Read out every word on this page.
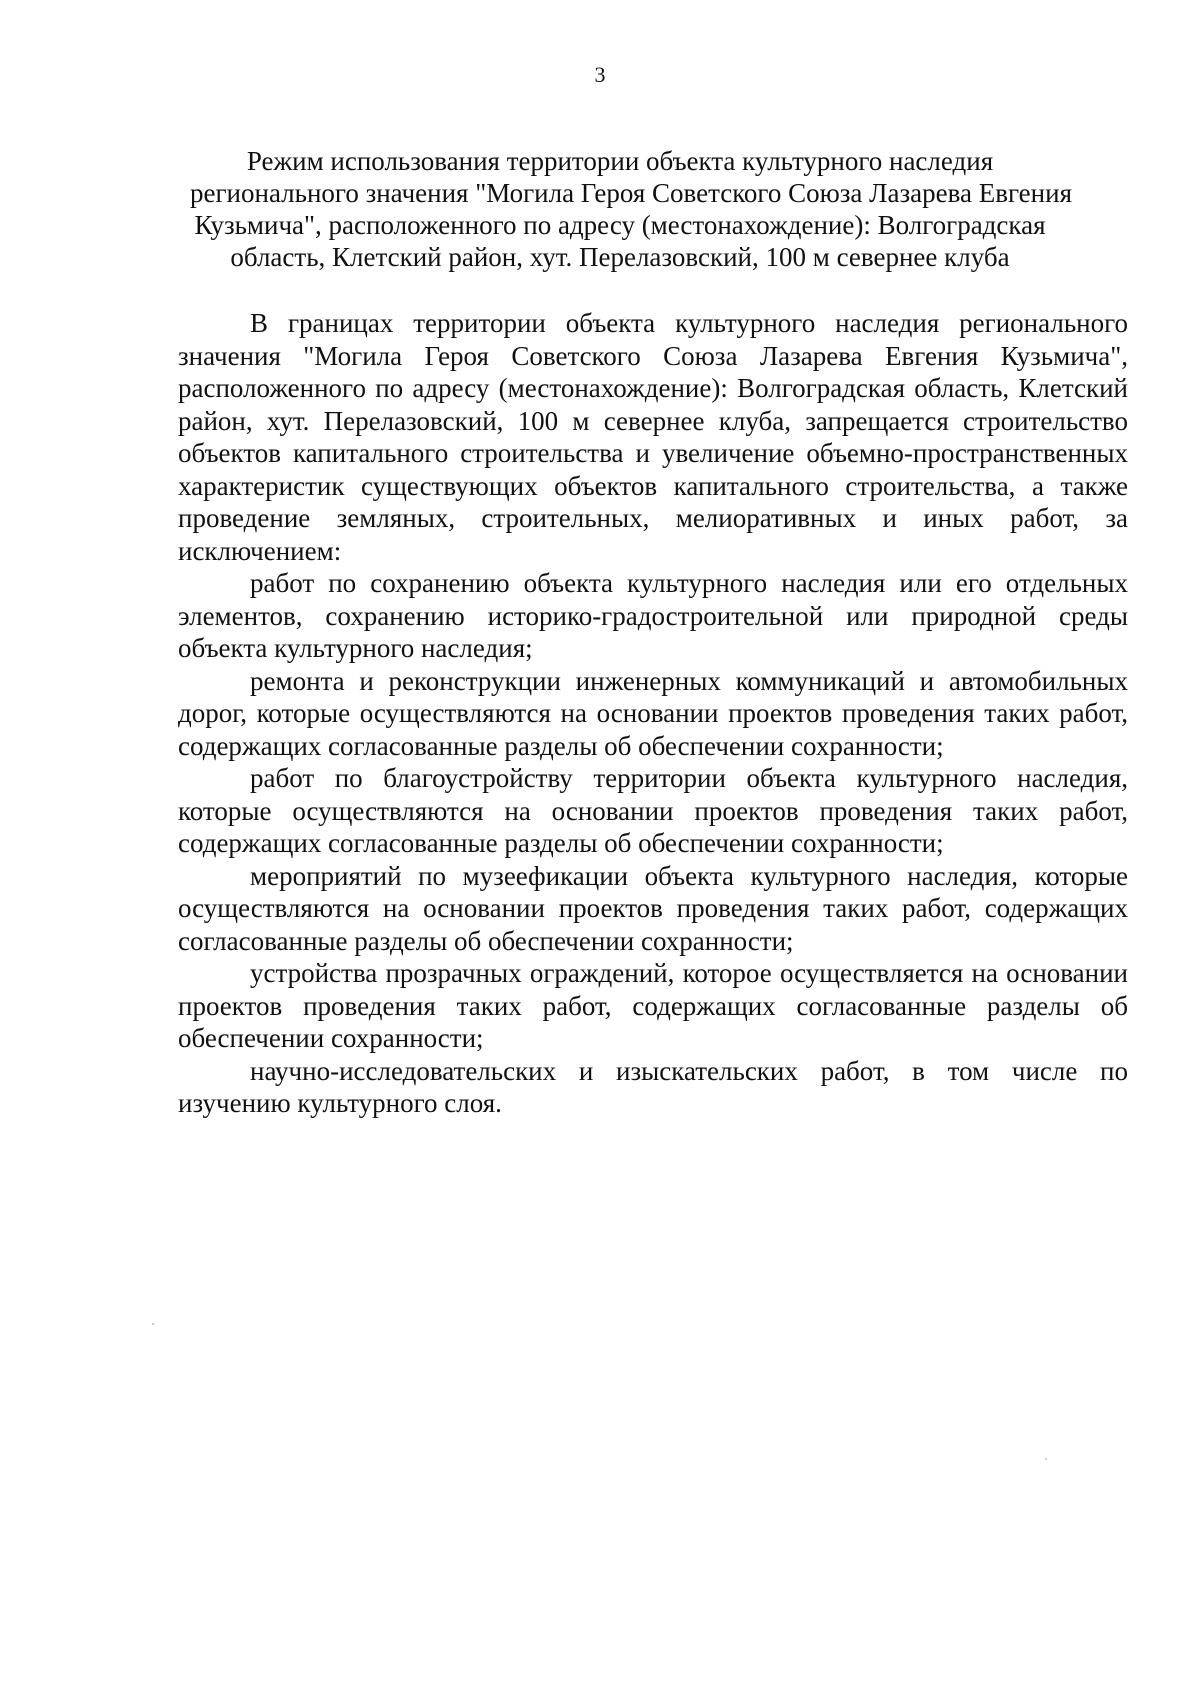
3
Режим использования территории объекта культурного наследия
регионального значения "Могила Героя Советского Союза Лазарева Евгения
Кузьмича", расположенного по адресу (местонахождение): Волгоградская
область, Клетский район, хут. Перелазовский, 100 м севернее клуба

В границах территории объекта культурного наследия регионального значения "Могила Героя Советского Союза Лазарева Евгения Кузьмича", расположенного по адресу (местонахождение): Волгоградская область, Клетский район, хут. Перелазовский, 100 м севернее клуба, запрещается строительство объектов капитального строительства и увеличение объемно-пространственных характеристик существующих объектов капитального строительства, а также проведение земляных, строительных, мелиоративных и иных работ, за исключением:

работ по сохранению объекта культурного наследия или его отдельных элементов, сохранению историко-градостроительной или природной среды объекта культурного наследия;

ремонта и реконструкции инженерных коммуникаций и автомобильных дорог, которые осуществляются на основании проектов проведения таких работ, содержащих согласованные разделы об обеспечении сохранности;

работ по благоустройству территории объекта культурного наследия, которые осуществляются на основании проектов проведения таких работ, содержащих согласованные разделы об обеспечении сохранности;

мероприятий по музеефикации объекта культурного наследия, которые осуществляются на основании проектов проведения таких работ, содержащих согласованные разделы об обеспечении сохранности;

устройства прозрачных ограждений, которое осуществляется на основании проектов проведения таких работ, содержащих согласованные разделы об обеспечении сохранности;

научно-исследовательских и изыскательских работ, в том числе по изучению культурного слоя.
